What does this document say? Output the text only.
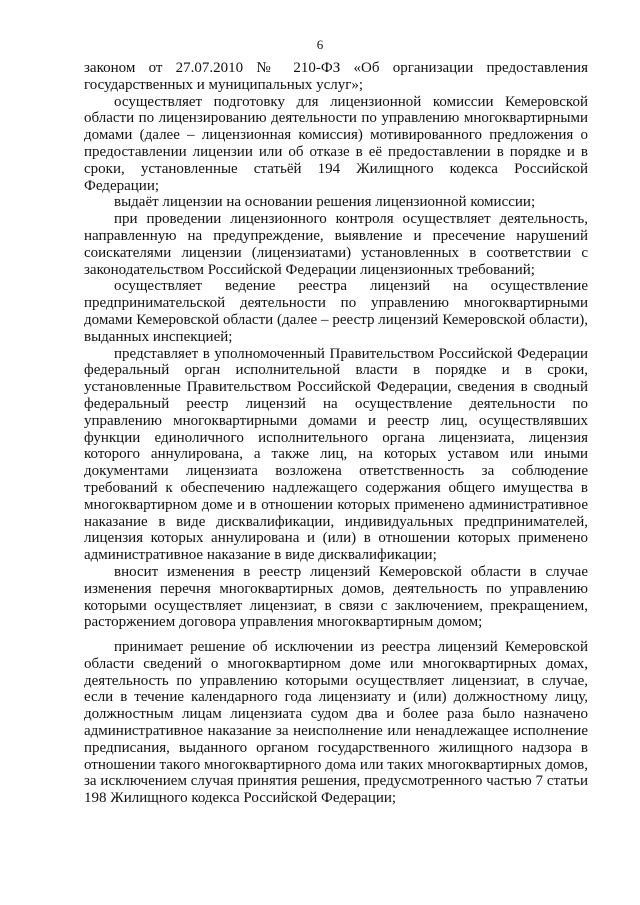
6

законом от 27.07.2010 № 210-ФЗ «Об организации предоставления государственных и муниципальных услуг»;

осуществляет подготовку для лицензионной комиссии Кемеровской области по лицензированию деятельности по управлению многоквартирными домами (далее – лицензионная комиссия) мотивированного предложения о предоставлении лицензии или об отказе в её предоставлении в порядке и в сроки, установленные статьёй 194 Жилищного кодекса Российской Федерации;

выдаёт лицензии на основании решения лицензионной комиссии;

при проведении лицензионного контроля осуществляет деятельность, направленную на предупреждение, выявление и пресечение нарушений соискателями лицензии (лицензиатами) установленных в соответствии с законодательством Российской Федерации лицензионных требований;

осуществляет ведение реестра лицензий на осуществление предпринимательской деятельности по управлению многоквартирными домами Кемеровской области (далее – реестр лицензий Кемеровской области), выданных инспекцией;

представляет в уполномоченный Правительством Российской Федерации федеральный орган исполнительной власти в порядке и в сроки, установленные Правительством Российской Федерации, сведения в сводный федеральный реестр лицензий на осуществление деятельности по управлению многоквартирными домами и реестр лиц, осуществлявших функции единоличного исполнительного органа лицензиата, лицензия которого аннулирована, а также лиц, на которых уставом или иными документами лицензиата возложена ответственность за соблюдение требований к обеспечению надлежащего содержания общего имущества в многоквартирном доме и в отношении которых применено административное наказание в виде дисквалификации, индивидуальных предпринимателей, лицензия которых аннулирована и (или) в отношении которых применено административное наказание в виде дисквалификации;

вносит изменения в реестр лицензий Кемеровской области в случае изменения перечня многоквартирных домов, деятельность по управлению которыми осуществляет лицензиат, в связи с заключением, прекращением, расторжением договора управления многоквартирным домом;

принимает решение об исключении из реестра лицензий Кемеровской области сведений о многоквартирном доме или многоквартирных домах, деятельность по управлению которыми осуществляет лицензиат, в случае, если в течение календарного года лицензиату и (или) должностному лицу, должностным лицам лицензиата судом два и более раза было назначено административное наказание за неисполнение или ненадлежащее исполнение предписания, выданного органом государственного жилищного надзора в отношении такого многоквартирного дома или таких многоквартирных домов, за исключением случая принятия решения, предусмотренного частью 7 статьи 198 Жилищного кодекса Российской Федерации;
